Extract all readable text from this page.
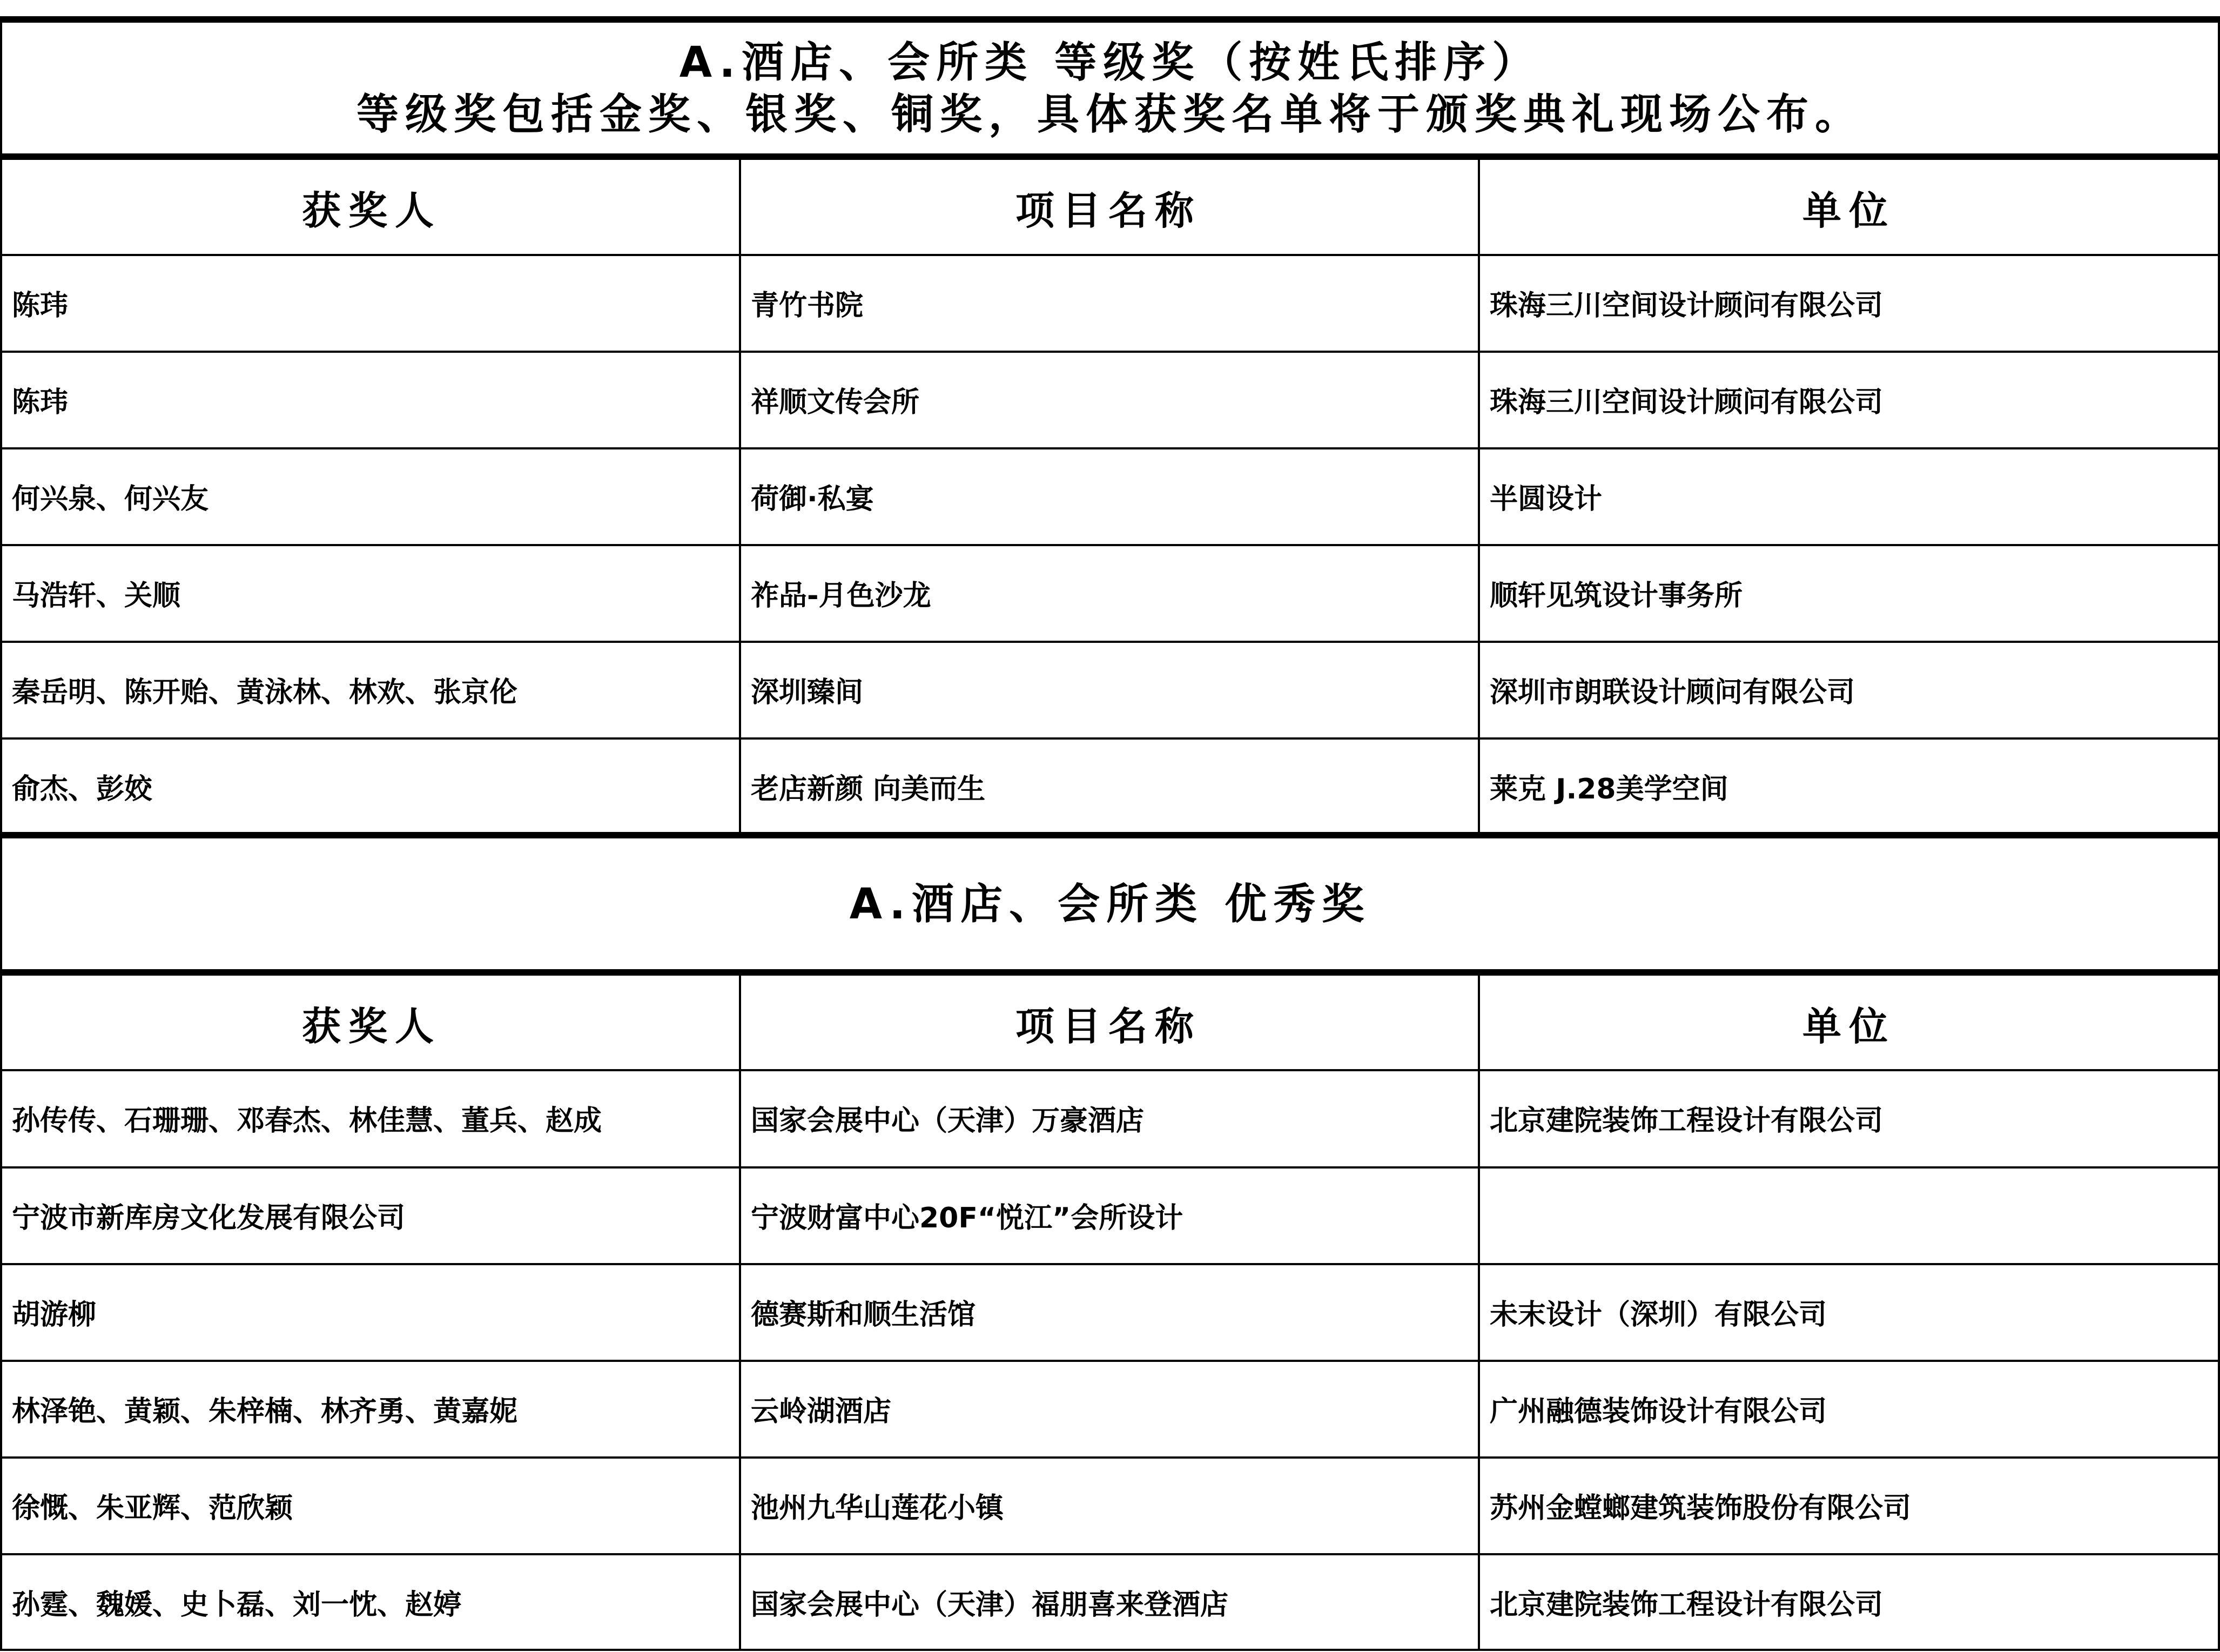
A.酒店、会所类 等级奖（按姓氏排序）
等级奖包括金奖、银奖、铜奖，具体获奖名单将于颁奖典礼现场公布。
获奖人	项目名称	单位
陈玮	青竹书院	珠海三川空间设计顾问有限公司
陈玮	祥顺文传会所	珠海三川空间设计顾问有限公司
何兴泉、何兴友	荷御·私宴	半圆设计
马浩轩、关顺	祚品-月色沙龙	顺轩见筑设计事务所
秦岳明、陈开贻、黄泳林、林欢、张京伦	深圳臻间	深圳市朗联设计顾问有限公司
俞杰、彭姣	老店新颜 向美而生	莱克 J.28美学空间
A.酒店、会所类 优秀奖
获奖人	项目名称	单位
孙传传、石珊珊、邓春杰、林佳慧、董兵、赵成	国家会展中心（天津）万豪酒店	北京建院装饰工程设计有限公司
宁波市新库房文化发展有限公司	宁波财富中心20F“悦江”会所设计
胡游柳	德赛斯和顺生活馆	未末设计（深圳）有限公司
林泽铯、黄颖、朱梓楠、林齐勇、黄嘉妮	云岭湖酒店	广州融德装饰设计有限公司
徐慨、朱亚辉、范欣颖	池州九华山莲花小镇	苏州金螳螂建筑装饰股份有限公司
孙霆、魏媛、史卜磊、刘一忱、赵婷	国家会展中心（天津）福朋喜来登酒店	北京建院装饰工程设计有限公司
